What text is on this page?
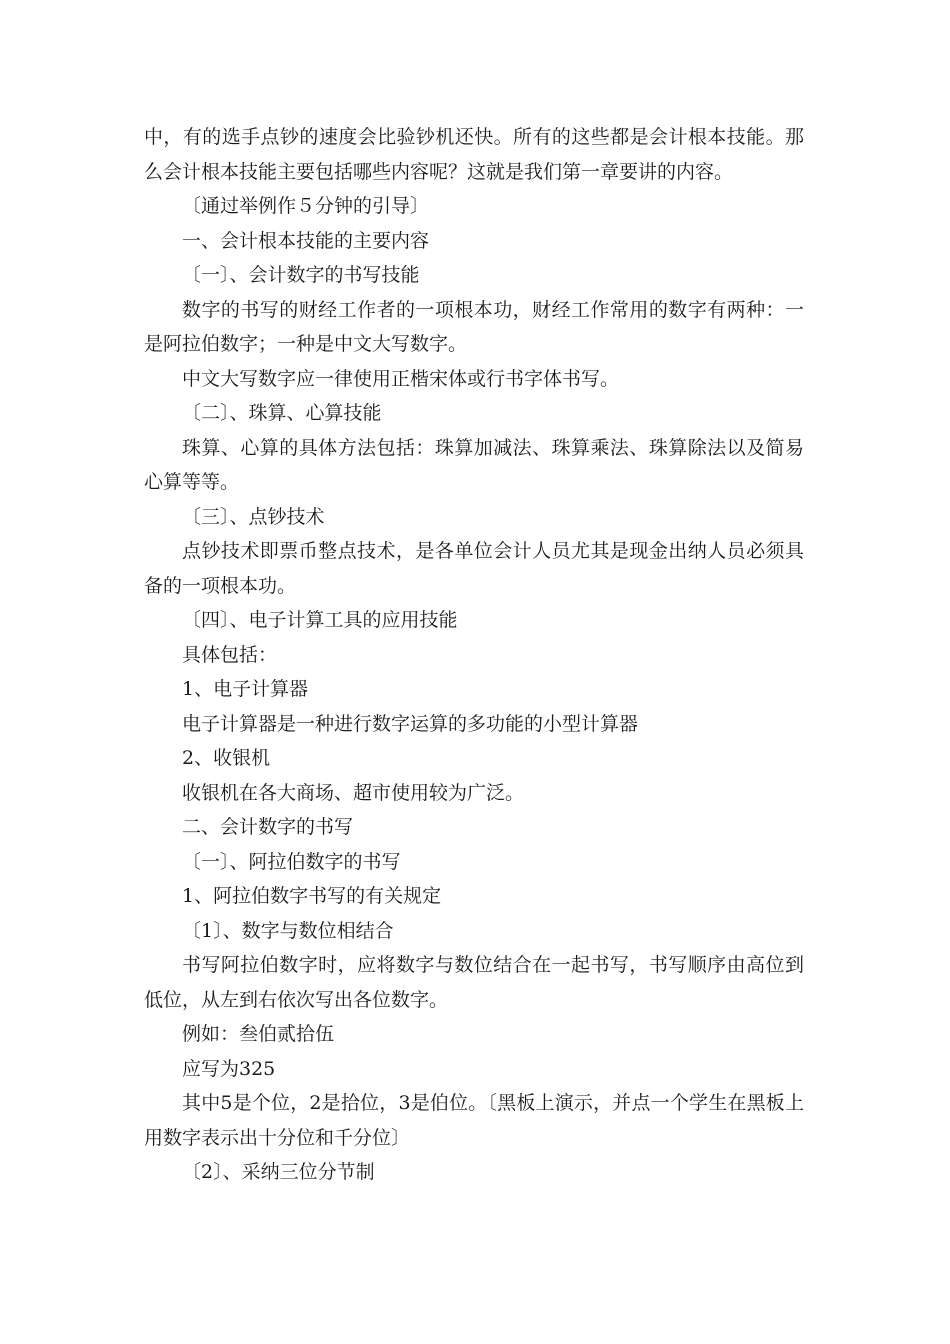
中，有的选手点钞的速度会比验钞机还快。所有的这些都是会计根本技能。那么会计根本技能主要包括哪些内容呢？这就是我们第一章要讲的内容。

〔通过举例作５分钟的引导〕

一、会计根本技能的主要内容

〔一〕、会计数字的书写技能

数字的书写的财经工作者的一项根本功，财经工作常用的数字有两种：一是阿拉伯数字；一种是中文大写数字。

中文大写数字应一律使用正楷宋体或行书字体书写。

〔二〕、珠算、心算技能

珠算、心算的具体方法包括：珠算加减法、珠算乘法、珠算除法以及简易心算等等。

〔三〕、点钞技术

点钞技术即票币整点技术，是各单位会计人员尤其是现金出纳人员必须具备的一项根本功。

〔四〕、电子计算工具的应用技能

具体包括：

1、电子计算器

电子计算器是一种进行数字运算的多功能的小型计算器

2、收银机

收银机在各大商场、超市使用较为广泛。

二、会计数字的书写

〔一〕、阿拉伯数字的书写

1、阿拉伯数字书写的有关规定

〔1〕、数字与数位相结合

书写阿拉伯数字时，应将数字与数位结合在一起书写，书写顺序由高位到低位，从左到右依次写出各位数字。

例如：叁伯贰拾伍

应写为325

其中5是个位，2是拾位，3是伯位。〔黑板上演示，并点一个学生在黑板上用数字表示出十分位和千分位〕

〔2〕、采纳三位分节制
